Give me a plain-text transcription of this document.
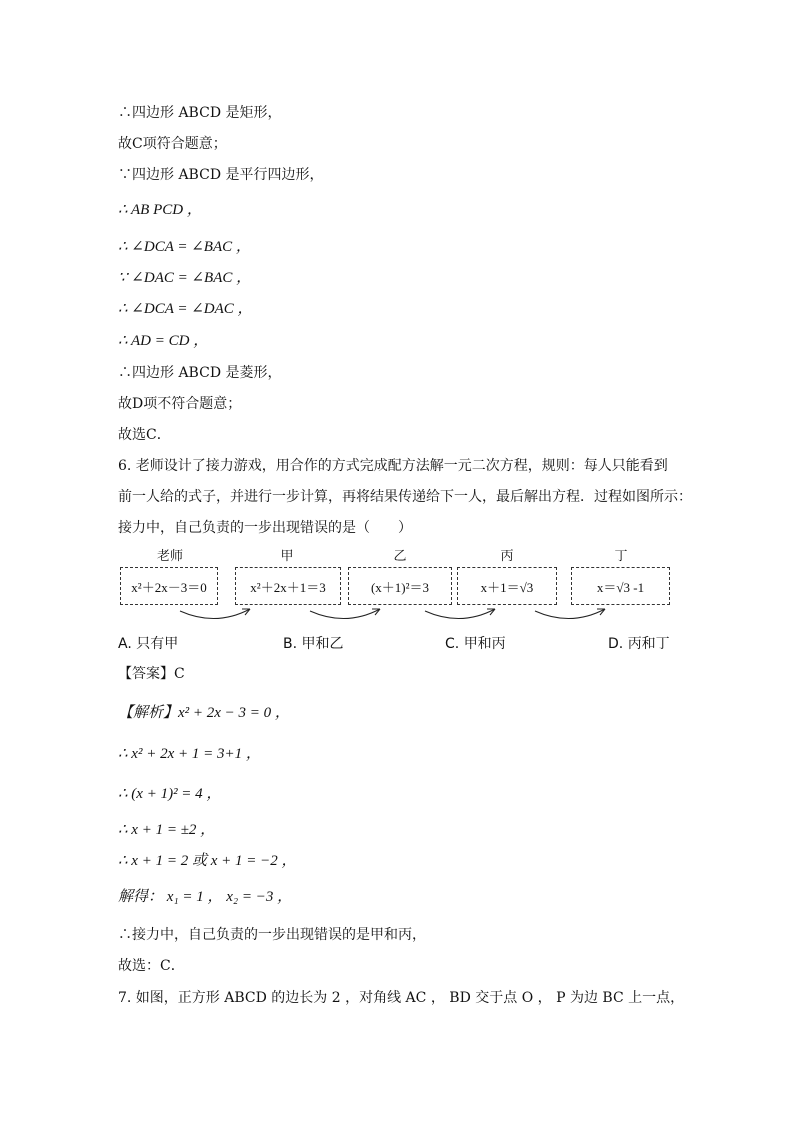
∴四边形 ABCD 是矩形，
故C项符合题意；
∵四边形 ABCD 是平行四边形，
∴ AB PCD ，
∴ ∠DCA = ∠BAC ，
∵ ∠DAC = ∠BAC ，
∴ ∠DCA = ∠DAC ，
∴ AD = CD ，
∴四边形 ABCD 是菱形，
故D项不符合题意；
故选C．
6. 老师设计了接力游戏，用合作的方式完成配方法解一元二次方程，规则：每人只能看到
前一人给的式子，并进行一步计算，再将结果传递给下一人，最后解出方程．过程如图所示：
接力中，自己负责的一步出现错误的是（　　）
老师	甲	乙	丙	丁
x²＋2x－3＝0	x²＋2x＋1＝3	(x＋1)²＝3	x＋1＝√3	x＝√3 -1
A. 只有甲	B. 甲和乙	C. 甲和丙	D. 丙和丁
【答案】C
【解析】x² + 2x − 3 = 0 ，
∴ x² + 2x + 1 = 3+1 ，
∴ (x + 1)² = 4 ，
∴ x + 1 = ±2 ，
∴ x + 1 = 2 或 x + 1 = −2 ，
解得： x₁ = 1 ， x₂ = −3 ，
∴接力中，自己负责的一步出现错误的是甲和丙，
故选：C．
7. 如图，正方形 ABCD 的边长为 2 ，对角线 AC ， BD 交于点 O ， P 为边 BC 上一点，
